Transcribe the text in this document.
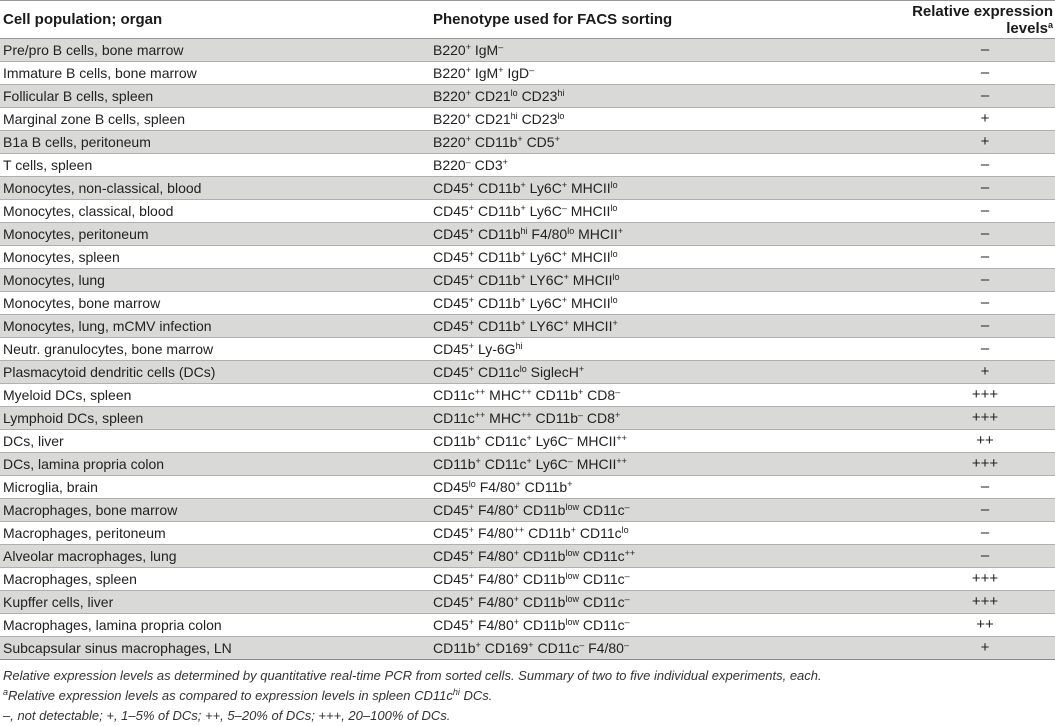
Cell population; organ	Phenotype used for FACS sorting	Relative expression levels$^a$
Pre/pro B cells, bone marrow	B220+ IgM–	–
Immature B cells, bone marrow	B220+ IgM+ IgD–	–
Follicular B cells, spleen	B220+ $CD21^{lo}$ $CD23^{hi}$	–
Marginal zone B cells, spleen	B220+ $CD21^{hi}$ $CD23^{lo}$	+
B1a B cells, peritoneum	B220+ CD11b+ CD5+	+
T cells, spleen	B220– CD3+	–
Monocytes, non-classical, blood	CD45+ CD11b+ Ly6C+ $MHCII^{lo}$	–
Monocytes, classical, blood	CD45+ CD11b+ Ly6C– $MHCII^{lo}$	–
Monocytes, peritoneum	CD45+ $CD11b^{hi}$ $F4/80^{lo}$ MHCII+	–
Monocytes, spleen	CD45+ CD11b+ Ly6C+ $MHCII^{lo}$	–
Monocytes, lung	CD45+ CD11b+ LY6C+ $MHCII^{lo}$	–
Monocytes, bone marrow	CD45+ CD11b+ Ly6C+ $MHCII^{lo}$	–
Monocytes, lung, mCMV infection	CD45+ CD11b+ LY6C+ MHCII+	–
Neutr. granulocytes, bone marrow	CD45+ $Ly-6G^{hi}$	–
Plasmacytoid dendritic cells (DCs)	CD45+ $CD11c^{lo}$ SiglecH+	+
Myeloid DCs, spleen	CD11c++ MHC++ CD11b+ CD8–	+++
Lymphoid DCs, spleen	CD11c++ MHC++ CD11b– CD8+	+++
DCs, liver	CD11b+ CD11c+ Ly6C– MHCII++	++
DCs, lamina propria colon	CD11b+ CD11c+ Ly6C– MHCII++	+++
Microglia, brain	$CD45^{lo}$ F4/80+ CD11b+	–
Macrophages, bone marrow	CD45+ F4/80+ $CD11b^{low}$ CD11c–	–
Macrophages, peritoneum	CD45+ F4/80++ CD11b+ $CD11c^{lo}$	–
Alveolar macrophages, lung	CD45+ F4/80+ $CD11b^{low}$ CD11c++	–
Macrophages, spleen	CD45+ F4/80+ $CD11b^{low}$ CD11c–	+++
Kupffer cells, liver	CD45+ F4/80+ $CD11b^{low}$ CD11c–	+++
Macrophages, lamina propria colon	CD45+ F4/80+ $CD11b^{low}$ CD11c–	++
Subcapsular sinus macrophages, LN	CD11b+ CD169+ CD11c– F4/80–	+
Relative expression levels as determined by quantitative real-time PCR from sorted cells. Summary of two to five individual experiments, each.
$^a$Relative expression levels as compared to expression levels in spleen $CD11c^{hi}$ DCs.
–, not detectable; +, 1–5% of DCs; ++, 5–20% of DCs; +++, 20–100% of DCs.
